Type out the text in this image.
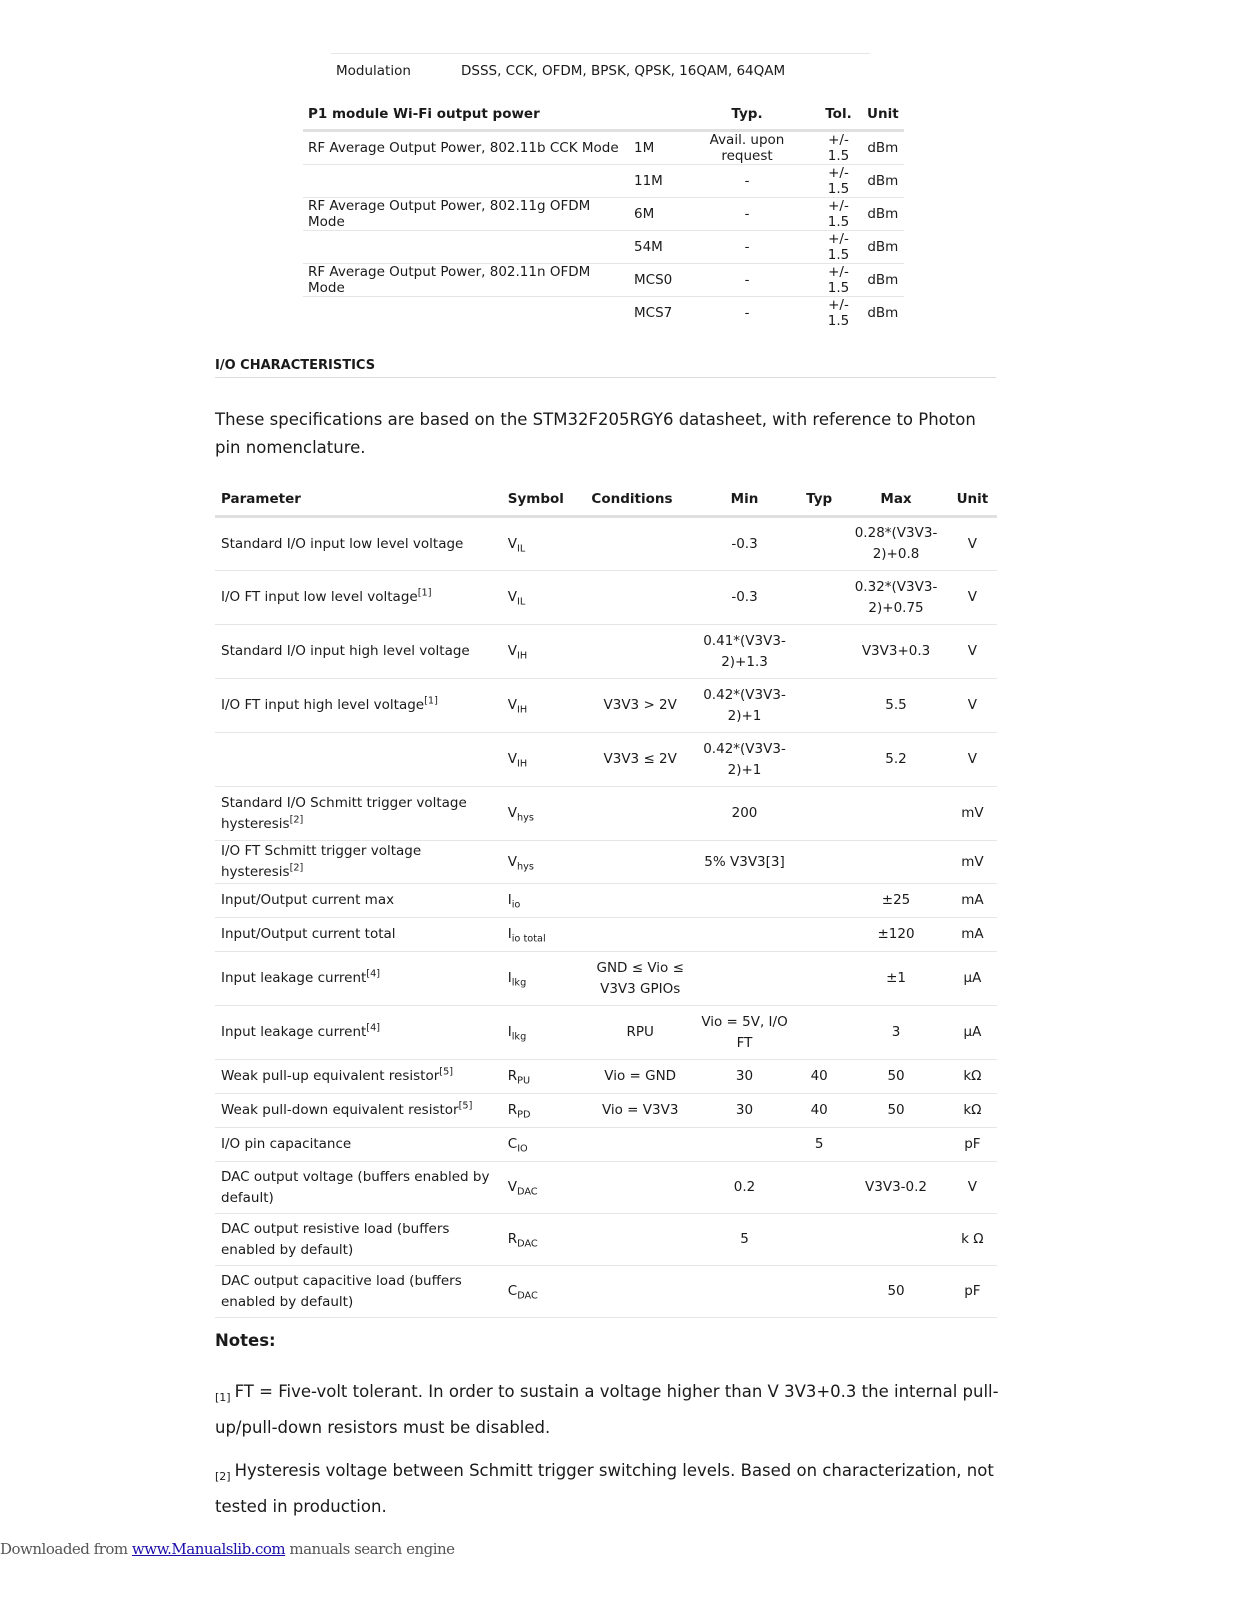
Modulation	DSSS, CCK, OFDM, BPSK, QPSK, 16QAM, 64QAM
P1 module Wi-Fi output power		Typ.	Tol.	Unit
RF Average Output Power, 802.11b CCK Mode	1M	Avail. upon request	+/- 1.5	dBm
	11M	-	+/- 1.5	dBm
RF Average Output Power, 802.11g OFDM Mode	6M	-	+/- 1.5	dBm
	54M	-	+/- 1.5	dBm
RF Average Output Power, 802.11n OFDM Mode	MCS0	-	+/- 1.5	dBm
	MCS7	-	+/- 1.5	dBm
I/O CHARACTERISTICS
These specifications are based on the STM32F205RGY6 datasheet, with reference to Photon pin nomenclature.
Parameter	Symbol	Conditions	Min	Typ	Max	Unit
Standard I/O input low level voltage	$V_{IL}$		-0.3		0.28*(V3V3-2)+0.8	V
I/O FT input low level voltage[1]	$V_{IL}$		-0.3		0.32*(V3V3-2)+0.75	V
Standard I/O input high level voltage	$V_{IH}$		0.41*(V3V3-2)+1.3		V3V3+0.3	V
I/O FT input high level voltage[1]	$V_{IH}$	V3V3 > 2V	0.42*(V3V3-2)+1		5.5	V
	$V_{IH}$	V3V3 ≤ 2V	0.42*(V3V3-2)+1		5.2	V
Standard I/O Schmitt trigger voltage hysteresis[2]	$V_{hys}$		200			mV
I/O FT Schmitt trigger voltage hysteresis[2]	$V_{hys}$		5% V3V3[3]			mV
Input/Output current max	$I_{io}$				±25	mA
Input/Output current total	$I_{io total}$				±120	mA
Input leakage current[4]	$I_{lkg}$	GND ≤ Vio ≤ V3V3 GPIOs			±1	μA
Input leakage current[4]	$I_{lkg}$	RPU	Vio = 5V, I/O FT		3	μA
Weak pull-up equivalent resistor[5]	$R_{PU}$	Vio = GND	30	40	50	kΩ
Weak pull-down equivalent resistor[5]	$R_{PD}$	Vio = V3V3	30	40	50	kΩ
I/O pin capacitance	$C_{IO}$			5		pF
DAC output voltage (buffers enabled by default)	$V_{DAC}$		0.2		V3V3-0.2	V
DAC output resistive load (buffers enabled by default)	$R_{DAC}$		5			k Ω
DAC output capacitive load (buffers enabled by default)	$C_{DAC}$				50	pF
Notes:
$_{[1]}$ FT = Five-volt tolerant. In order to sustain a voltage higher than V 3V3+0.3 the internal pull-up/pull-down resistors must be disabled.
$_{[2]}$ Hysteresis voltage between Schmitt trigger switching levels. Based on characterization, not tested in production.
Downloaded from www.Manualslib.com manuals search engine
